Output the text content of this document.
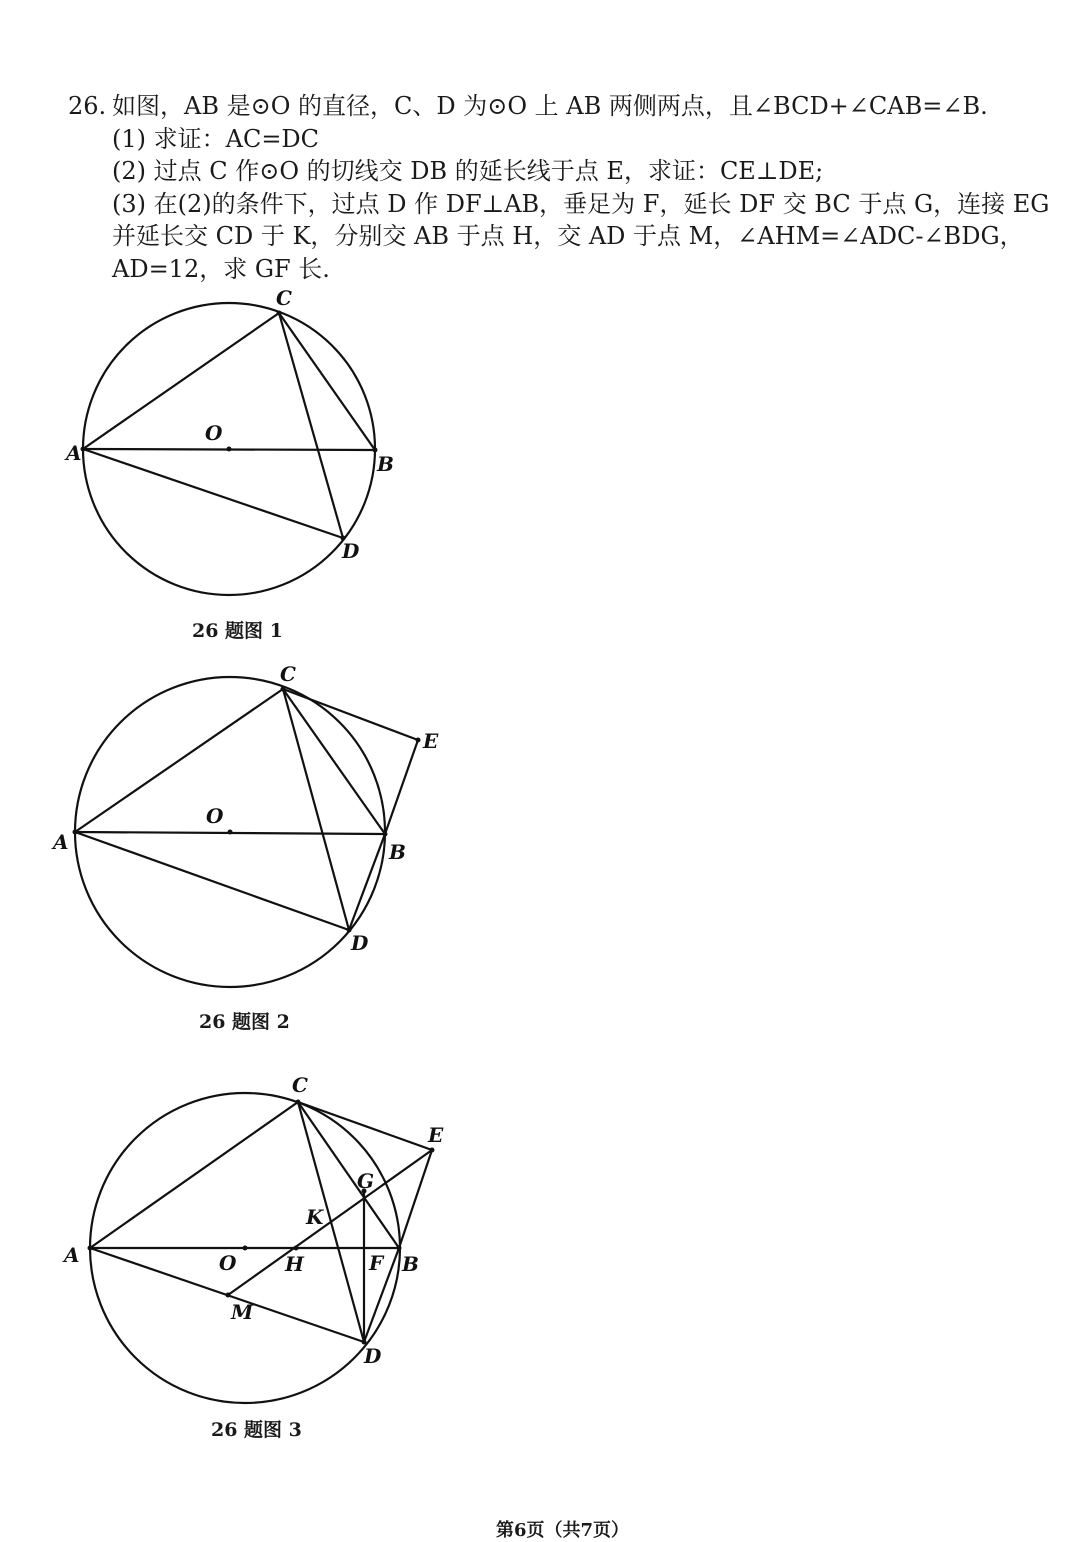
26. 如图，AB 是⊙O 的直径，C、D 为⊙O 上 AB 两侧两点，且∠BCD+∠CAB=∠B.
(1) 求证：AC=DC
(2) 过点 C 作⊙O 的切线交 DB 的延长线于点 E，求证：CE⊥DE;
(3) 在(2)的条件下，过点 D 作 DF⊥AB，垂足为 F，延长 DF 交 BC 于点 G，连接 EG
并延长交 CD 于 K，分别交 AB 于点 H，交 AD 于点 M，∠AHM=∠ADC-∠BDG，
AD=12，求 GF 长.
C
A
O
B
D
26 题图 1
C
E
O
A	B
D
26 题图 2
C
E
G
K
A	O H	F B
M
D
26 题图 3
第6页（共7页）
